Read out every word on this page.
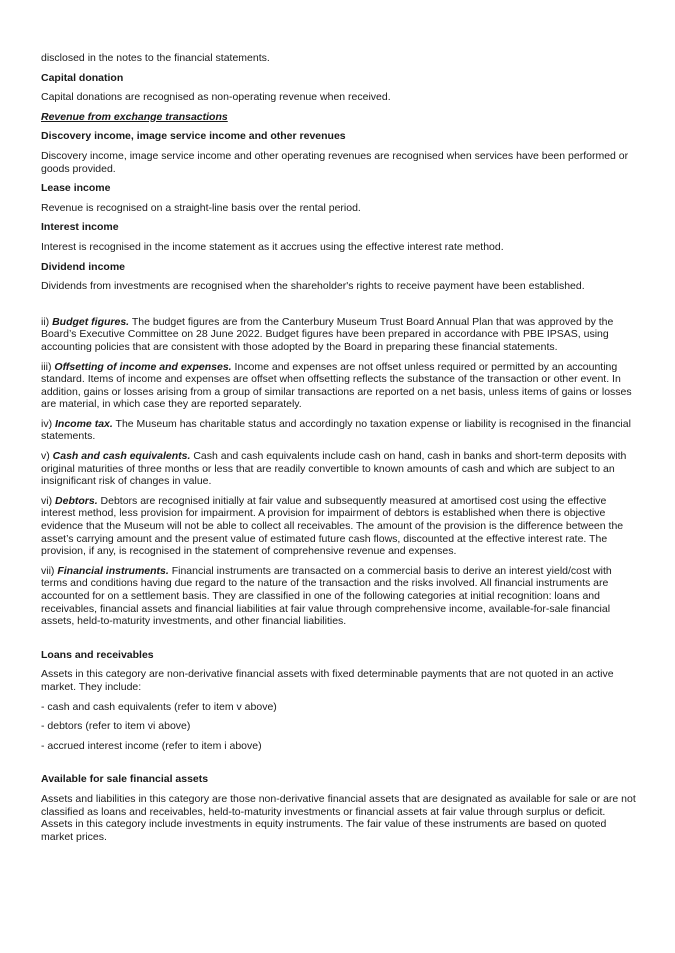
disclosed in the notes to the financial statements.

Capital donation

Capital donations are recognised as non-operating revenue when received.

Revenue from exchange transactions

Discovery income, image service income and other revenues

Discovery income, image service income and other operating revenues are recognised when services have been performed or goods provided.

Lease income

Revenue is recognised on a straight-line basis over the rental period.

Interest income

Interest is recognised in the income statement as it accrues using the effective interest rate method.

Dividend income

Dividends from investments are recognised when the shareholder's rights to receive payment have been established.

ii) Budget figures. The budget figures are from the Canterbury Museum Trust Board Annual Plan that was approved by the Board’s Executive Committee on 28 June 2022. Budget figures have been prepared in accordance with PBE IPSAS, using accounting policies that are consistent with those adopted by the Board in preparing these financial statements.

iii) Offsetting of income and expenses. Income and expenses are not offset unless required or permitted by an accounting standard. Items of income and expenses are offset when offsetting reflects the substance of the transaction or other event. In addition, gains or losses arising from a group of similar transactions are reported on a net basis, unless items of gains or losses are material, in which case they are reported separately.

iv) Income tax. The Museum has charitable status and accordingly no taxation expense or liability is recognised in the financial statements.

v) Cash and cash equivalents. Cash and cash equivalents include cash on hand, cash in banks and short-term deposits with original maturities of three months or less that are readily convertible to known amounts of cash and which are subject to an insignificant risk of changes in value.

vi) Debtors. Debtors are recognised initially at fair value and subsequently measured at amortised cost using the effective interest method, less provision for impairment. A provision for impairment of debtors is established when there is objective evidence that the Museum will not be able to collect all receivables. The amount of the provision is the difference between the asset’s carrying amount and the present value of estimated future cash flows, discounted at the effective interest rate. The provision, if any, is recognised in the statement of comprehensive revenue and expenses.

vii) Financial instruments. Financial instruments are transacted on a commercial basis to derive an interest yield/cost with terms and conditions having due regard to the nature of the transaction and the risks involved. All financial instruments are accounted for on a settlement basis. They are classified in one of the following categories at initial recognition: loans and receivables, financial assets and financial liabilities at fair value through comprehensive income, available-for-sale financial assets, held-to-maturity investments, and other financial liabilities.

Loans and receivables

Assets in this category are non-derivative financial assets with fixed determinable payments that are not quoted in an active market. They include:

- cash and cash equivalents (refer to item v above)

- debtors (refer to item vi above)

- accrued interest income (refer to item i above)

Available for sale financial assets

Assets and liabilities in this category are those non-derivative financial assets that are designated as available for sale or are not classified as loans and receivables, held-to-maturity investments or financial assets at fair value through surplus or deficit. Assets in this category include investments in equity instruments. The fair value of these instruments are based on quoted market prices.
